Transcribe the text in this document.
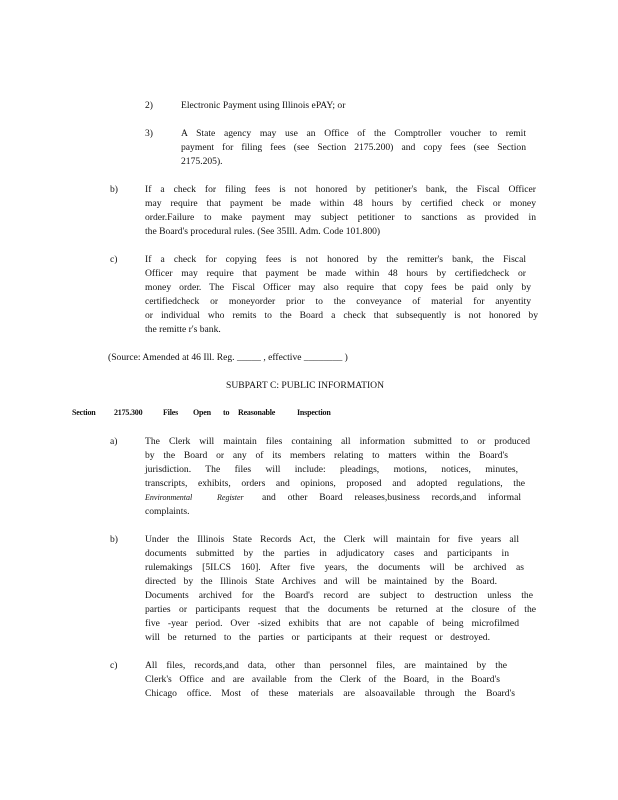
2)	Electronic Payment using Illinois ePAY; or
3)	A State agency may use an Office of the Comptroller voucher to remit
payment for filing fees (see Section 2175.200) and copy fees (see Section
2175.205).
b)	If a check for filing fees is not honored by petitioner's bank, the Fiscal Officer
may require that payment be made within 48 hours by certified check or money
order.Failure to make payment may subject petitioner to sanctions as provided in
the Board's procedural rules. (See 35Ill. Adm. Code 101.800)
c)	If a check for copying fees is not honored by the remitter's bank, the Fiscal
Officer may require that payment be made within 48 hours by certifiedcheck or
money order. The Fiscal Officer may also require that copy fees be paid only by
certifiedcheck or moneyorder prior to the conveyance of material for anyentity
or individual who remits to the Board a check that subsequently is not honored by
the remitte r's bank.
(Source: Amended at 46 Ill. Reg. _____ , effective ________ )
SUBPART C: PUBLIC INFORMATION
Section 2175.300	Files Open to Reasonable	Inspection
a)	The Clerk will maintain files containing all information submitted to or produced
by the Board or any of its members relating to matters within the Board's
jurisdiction. The files will include: pleadings, motions, notices, minutes,
transcripts, exhibits, orders and opinions, proposed and adopted regulations, the
Environmental	Register and other Board releases,business records,and informal
complaints.
b)	Under the Illinois State Records Act, the Clerk will maintain for five years all
documents submitted by the parties in adjudicatory cases and participants in
rulemakings [5ILCS 160]. After five years, the documents will be archived as
directed by the Illinois State Archives and will be maintained by the Board.
Documents archived for the Board's record are subject to destruction unless the
parties or participants request that the documents be returned at the closure of the
five -year period. Over -sized exhibits that are not capable of being microfilmed
will be returned to the parties or participants at their request or destroyed.
c)	All files, records,and data, other than personnel files, are maintained by the
Clerk's Office and are available from the Clerk of the Board, in the Board's
Chicago office. Most of these materials are alsoavailable through the Board's
